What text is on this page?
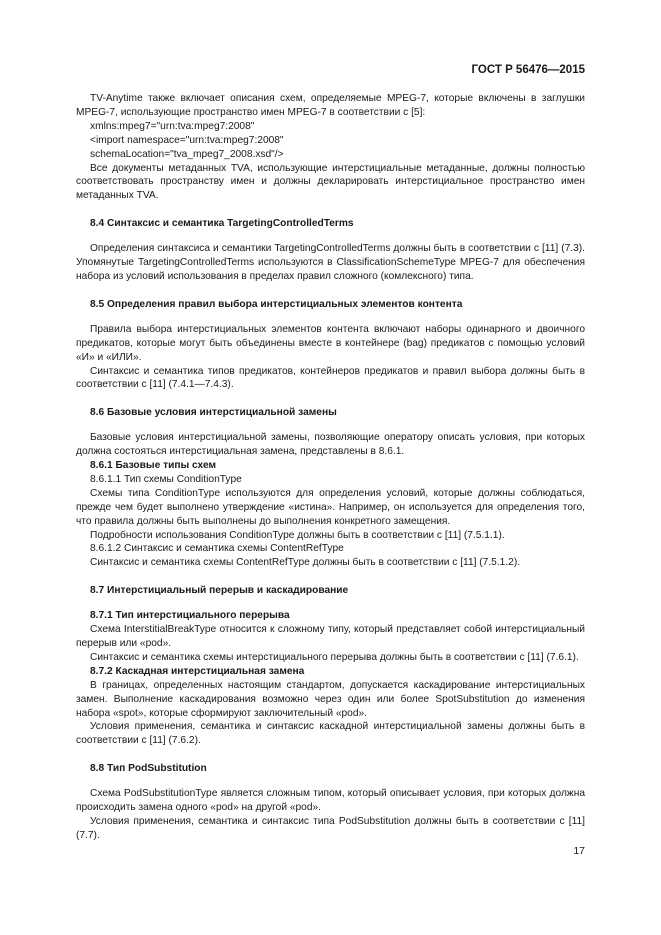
ГОСТ Р 56476—2015

TV-Anytime также включает описания схем, определяемые MPEG-7, которые включены в заглушки MPEG-7, использующие пространство имен MPEG-7 в соответствии с [5]:

xmlns:mpeg7="urn:tva:mpeg7:2008"

<import namespace="urn:tva:mpeg7:2008"

schemaLocation="tva_mpeg7_2008.xsd"/>

Все документы метаданных TVA, использующие интерстициальные метаданные, должны полностью соответствовать пространству имен и должны декларировать интерстициальное пространство имен метаданных TVA.

8.4 Синтаксис и семантика TargetingControlledTerms

Определения синтаксиса и семантики TargetingControlledTerms должны быть в соответствии с [11] (7.3). Упомянутые TargetingControlledTerms используются в ClassificationSchemeType MPEG-7 для обеспечения набора из условий использования в пределах правил сложного (комлексного) типа.

8.5 Определения правил выбора интерстициальных элементов контента

Правила выбора интерстициальных элементов контента включают наборы одинарного и двоичного предикатов, которые могут быть объединены вместе в контейнере (bag) предикатов с помощью условий «И» и «ИЛИ».

Синтаксис и семантика типов предикатов, контейнеров предикатов и правил выбора должны быть в соответствии с [11] (7.4.1—7.4.3).

8.6 Базовые условия интерстициальной замены

Базовые условия интерстициальной замены, позволяющие оператору описать условия, при которых должна состояться интерстициальная замена, представлены в 8.6.1.

8.6.1 Базовые типы схем
8.6.1.1 Тип схемы ConditionType

Схемы типа ConditionType используются для определения условий, которые должны соблюдаться, прежде чем будет выполнено утверждение «истина». Например, он используется для определения того, что правила должны быть выполнены до выполнения конкретного замещения.

Подробности использования ConditionType должны быть в соответствии с [11] (7.5.1.1).

8.6.1.2 Синтаксис и семантика схемы ContentRefType

Синтаксис и семантика схемы ContentRefType должны быть в соответствии с [11] (7.5.1.2).

8.7 Интерстициальный перерыв и каскадирование
8.7.1 Тип интерстициального перерыва

Схема InterstitialBreakType относится к сложному типу, который представляет собой интерстициальный перерыв или «pod».

Синтаксис и семантика схемы интерстициального перерыва должны быть в соответствии с [11] (7.6.1).

8.7.2 Каскадная интерстициальная замена

В границах, определенных настоящим стандартом, допускается каскадирование интерстициальных замен. Выполнение каскадирования возможно через один или более SpotSubstitution до изменения набора «spot», которые сформируют заключительный «pod».

Условия применения, семантика и синтаксис каскадной интерстициальной замены должны быть в соответствии с [11] (7.6.2).

8.8 Тип PodSubstitution

Схема PodSubstitutionType является сложным типом, который описывает условия, при которых должна происходить замена одного «pod» на другой «pod».

Условия применения, семантика и синтаксис типа PodSubstitution должны быть в соответствии с [11] (7.7).

17
